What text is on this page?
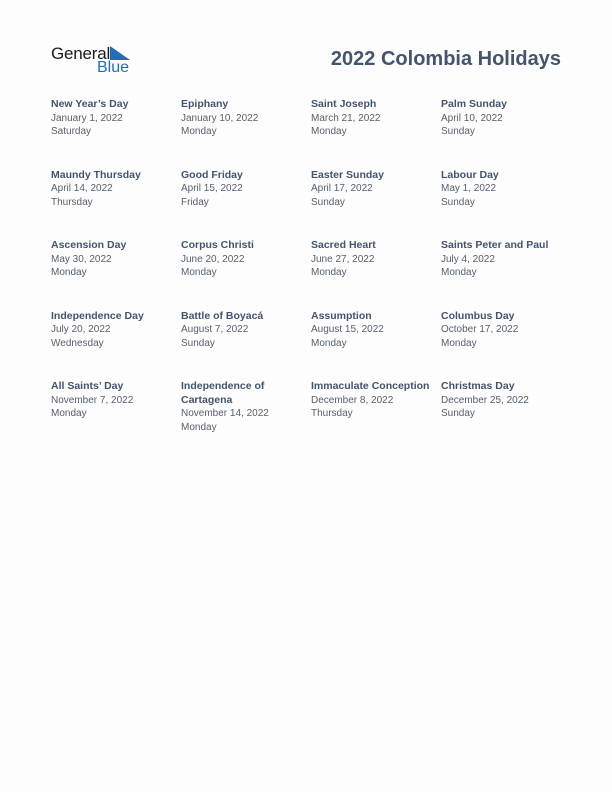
General
Blue	2022 Colombia Holidays
New Year’s Day
January 1, 2022
Saturday
Epiphany
January 10, 2022
Monday
Saint Joseph
March 21, 2022
Monday
Palm Sunday
April 10, 2022
Sunday
Maundy Thursday
April 14, 2022
Thursday
Good Friday
April 15, 2022
Friday
Easter Sunday
April 17, 2022
Sunday
Labour Day
May 1, 2022
Sunday
Ascension Day
May 30, 2022
Monday
Corpus Christi
June 20, 2022
Monday
Sacred Heart
June 27, 2022
Monday
Saints Peter and Paul
July 4, 2022
Monday
Independence Day
July 20, 2022
Wednesday
Battle of Boyacá
August 7, 2022
Sunday
Assumption
August 15, 2022
Monday
Columbus Day
October 17, 2022
Monday
All Saints’ Day
November 7, 2022
Monday
Independence of Cartagena
November 14, 2022
Monday
Immaculate Conception
December 8, 2022
Thursday
Christmas Day
December 25, 2022
Sunday
